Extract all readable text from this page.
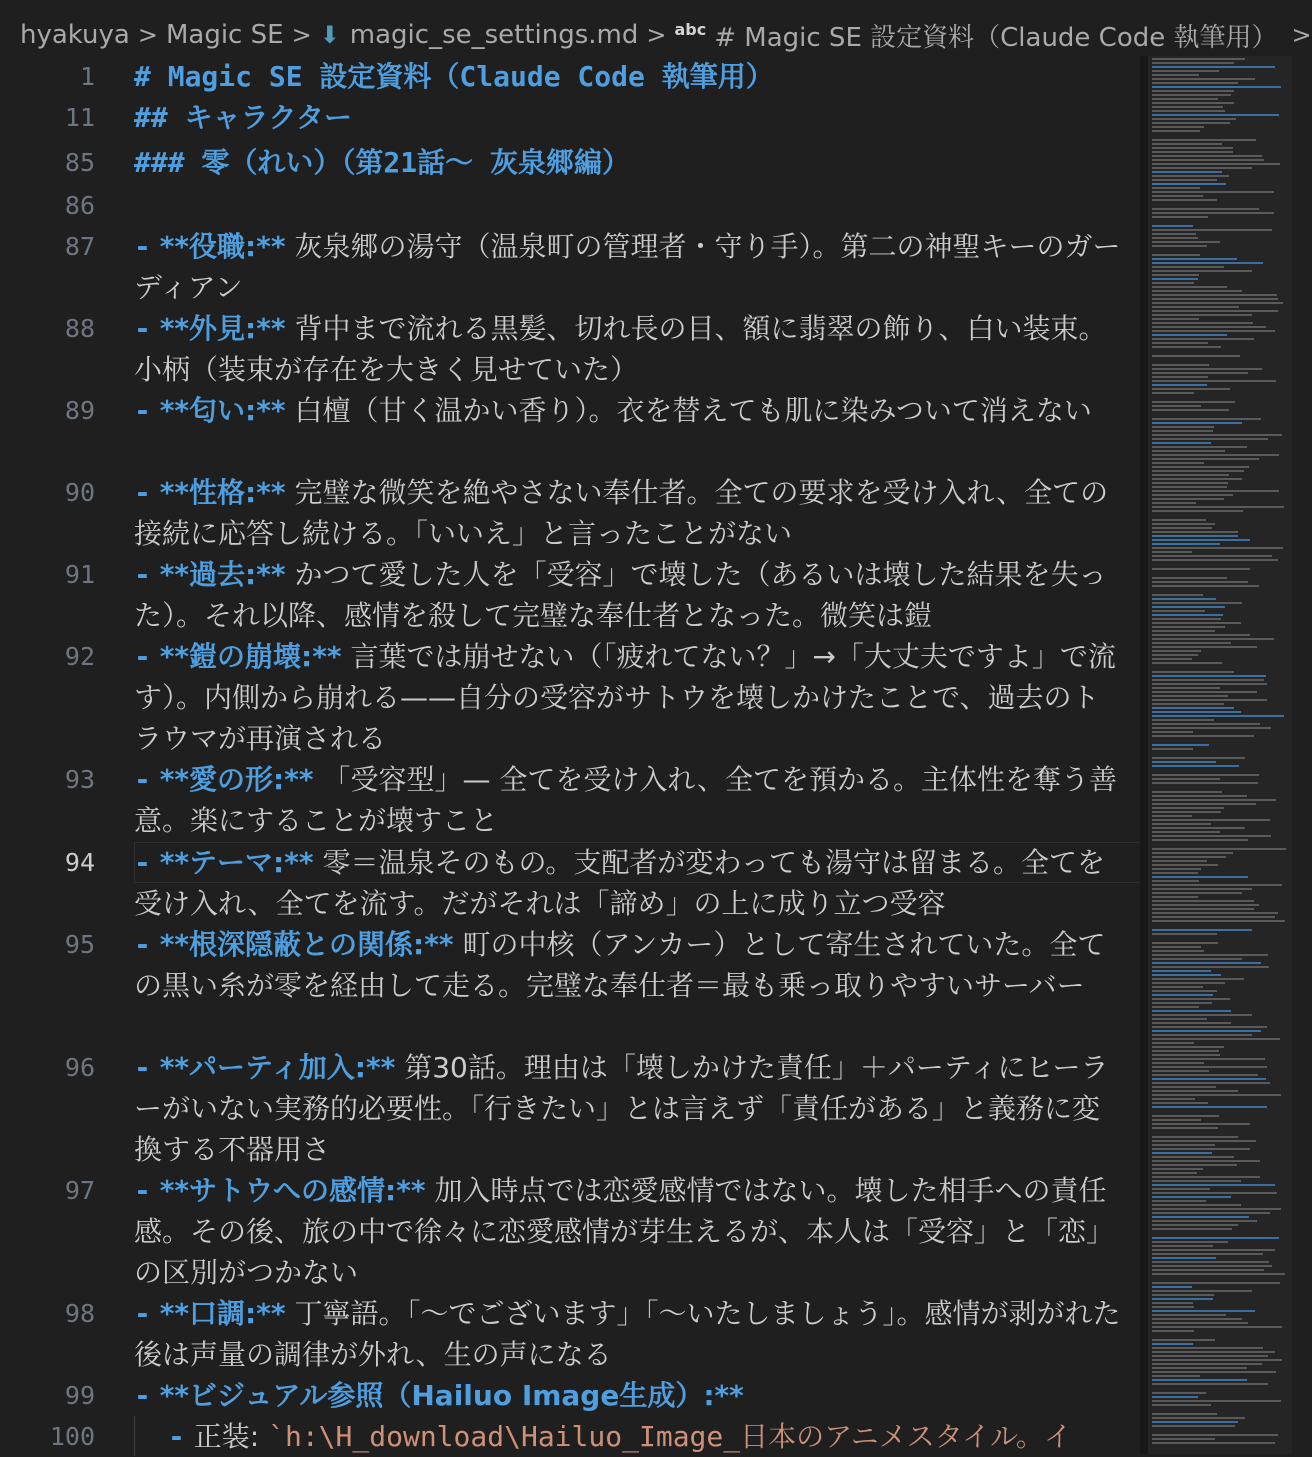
hyakuya > Magic SE > ⬇ magic_se_settings.md > abc # Magic SE 設定資料（Claude Code 執筆用） >
1
11
85
86
87
88
89
90
91
92
93
94
95
96
97
98
99
100
# Magic SE 設定資料（Claude Code 執筆用）
## キャラクター
### 零（れい）（第21話〜 灰泉郷編）
- **役職:** 灰泉郷の湯守（温泉町の管理者・守り手）。第二の神聖キーのガーディアン
- **外見:** 背中まで流れる黒髪、切れ長の目、額に翡翠の飾り、白い装束。小柄（装束が存在を大きく見せていた）
- **匂い:** 白檀（甘く温かい香り）。衣を替えても肌に染みついて消えない
- **性格:** 完璧な微笑を絶やさない奉仕者。全ての要求を受け入れ、全ての接続に応答し続ける。「いいえ」と言ったことがない
- **過去:** かつて愛した人を「受容」で壊した（あるいは壊した結果を失った）。それ以降、感情を殺して完璧な奉仕者となった。微笑は鎧
- **鎧の崩壊:** 言葉では崩せない（「疲れてない？」→「大丈夫ですよ」で流す）。内側から崩れる——自分の受容がサトウを壊しかけたことで、過去のトラウマが再演される
- **愛の形:** 「受容型」— 全てを受け入れ、全てを預かる。主体性を奪う善意。楽にすることが壊すこと
- **テーマ:** 零＝温泉そのもの。支配者が変わっても湯守は留まる。全てを受け入れ、全てを流す。だがそれは「諦め」の上に成り立つ受容
- **根深隠蔽との関係:** 町の中核（アンカー）として寄生されていた。全ての黒い糸が零を経由して走る。完璧な奉仕者＝最も乗っ取りやすいサーバー
- **パーティ加入:** 第30話。理由は「壊しかけた責任」＋パーティにヒーラーがいない実務的必要性。「行きたい」とは言えず「責任がある」と義務に変換する不器用さ
- **サトウへの感情:** 加入時点では恋愛感情ではない。壊した相手への責任感。その後、旅の中で徐々に恋愛感情が芽生えるが、本人は「受容」と「恋」の区別がつかない
- **口調:** 丁寧語。「〜でございます」「〜いたしましょう」。感情が剥がれた後は声量の調律が外れ、生の声になる
- **ビジュアル参照（Hailuo Image生成）:**
- 正装: `h:\H_download\Hailuo_Image_日本のアニメスタイル。イ
